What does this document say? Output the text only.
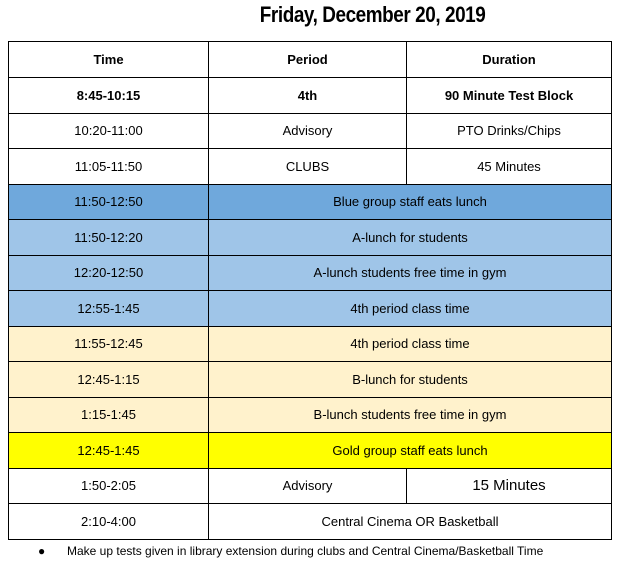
Friday, December 20, 2019
Time	Period	Duration
8:45-10:15	4th	90 Minute Test Block
10:20-11:00	Advisory	PTO Drinks/Chips
11:05-11:50	CLUBS	45 Minutes
11:50-12:50	Blue group staff eats lunch	
11:50-12:20	A-lunch for students	
12:20-12:50	A-lunch students free time in gym	
12:55-1:45	4th period class time	
11:55-12:45	4th period class time	
12:45-1:15	B-lunch for students	
1:15-1:45	B-lunch students free time in gym	
12:45-1:45	Gold group staff eats lunch	
1:50-2:05	Advisory	15 Minutes
2:10-4:00	Central Cinema OR Basketball	
● Make up tests given in library extension during clubs and Central Cinema/Basketball Time
